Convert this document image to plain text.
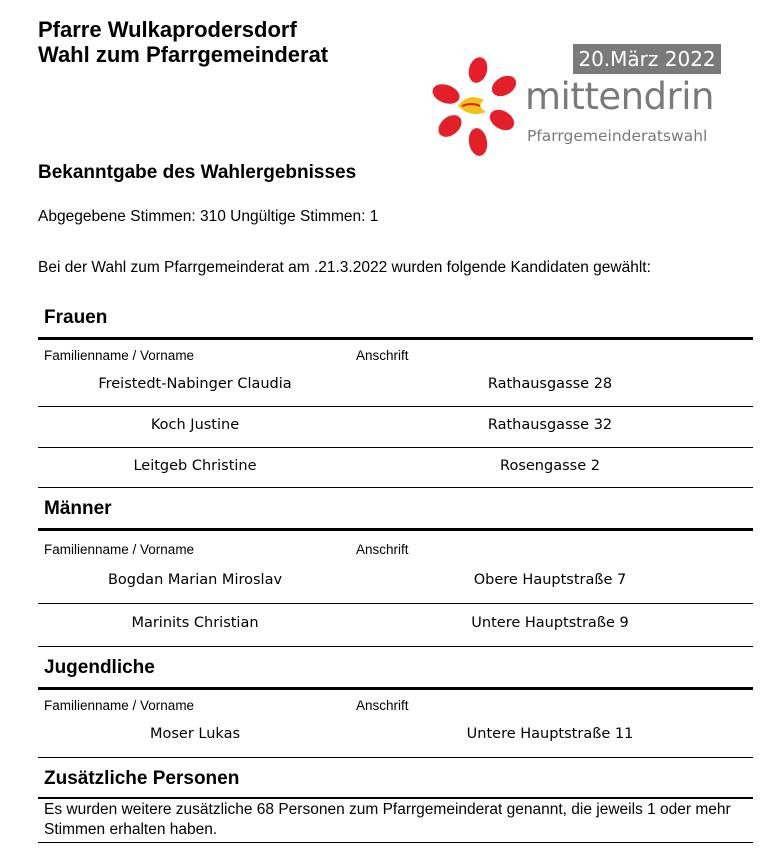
Pfarre Wulkaprodersdorf
Wahl zum Pfarrgemeinderat	20.März 2022
mittendrin
Pfarrgemeinderatswahl
Bekanntgabe des Wahlergebnisses
Abgegebene Stimmen: 310 Ungültige Stimmen: 1
Bei der Wahl zum Pfarrgemeinderat am .21.3.2022 wurden folgende Kandidaten gewählt:
Frauen
Familienname / Vorname	Anschrift
Freistedt-Nabinger Claudia	Rathausgasse 28
Koch Justine	Rathausgasse 32
Leitgeb Christine	Rosengasse 2
Männer
Familienname / Vorname	Anschrift
Bogdan Marian Miroslav	Obere Hauptstraße 7
Marinits Christian	Untere Hauptstraße 9
Jugendliche
Familienname / Vorname	Anschrift
Moser Lukas	Untere Hauptstraße 11
Zusätzliche Personen
Es wurden weitere zusätzliche 68 Personen zum Pfarrgemeinderat genannt, die jeweils 1 oder mehr Stimmen erhalten haben.
